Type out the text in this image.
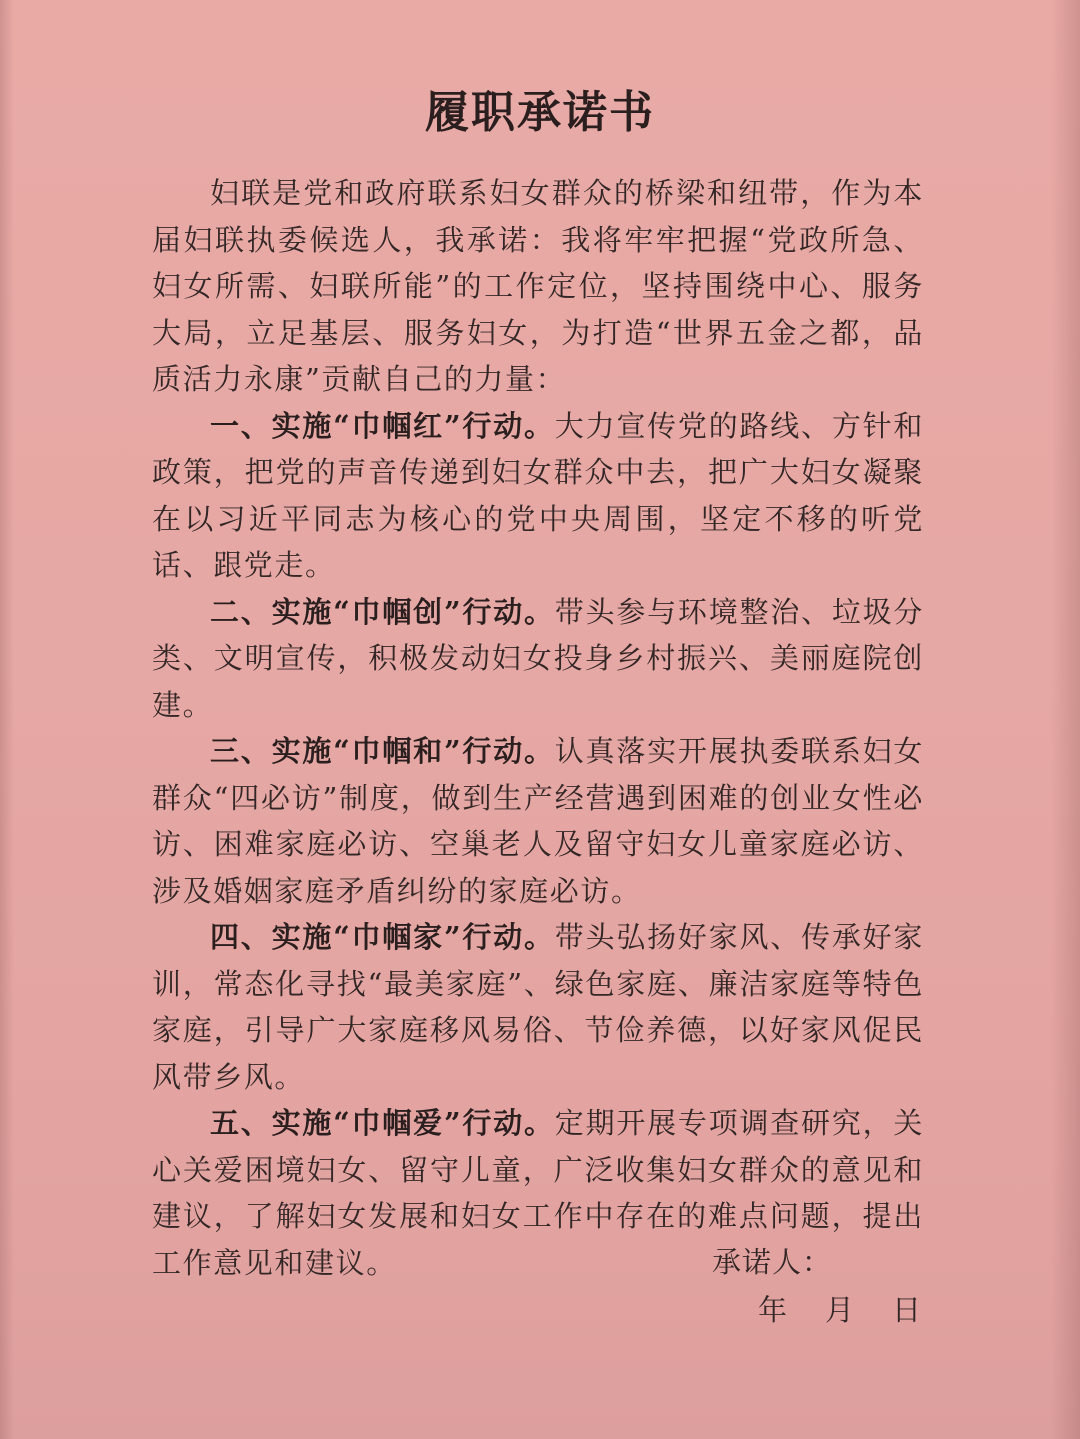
履职承诺书

妇联是党和政府联系妇女群众的桥梁和纽带，作为本届妇联执委候选人，我承诺：我将牢牢把握“党政所急、妇女所需、妇联所能”的工作定位，坚持围绕中心、服务大局，立足基层、服务妇女，为打造“世界五金之都，品质活力永康”贡献自己的力量：

一、实施“巾帼红”行动。大力宣传党的路线、方针和政策，把党的声音传递到妇女群众中去，把广大妇女凝聚在以习近平同志为核心的党中央周围，坚定不移的听党话、跟党走。

二、实施“巾帼创”行动。带头参与环境整治、垃圾分类、文明宣传，积极发动妇女投身乡村振兴、美丽庭院创建。

三、实施“巾帼和”行动。认真落实开展执委联系妇女群众“四必访”制度，做到生产经营遇到困难的创业女性必访、困难家庭必访、空巢老人及留守妇女儿童家庭必访、涉及婚姻家庭矛盾纠纷的家庭必访。

四、实施“巾帼家”行动。带头弘扬好家风、传承好家训，常态化寻找“最美家庭”、绿色家庭、廉洁家庭等特色家庭，引导广大家庭移风易俗、节俭养德，以好家风促民风带乡风。

五、实施“巾帼爱”行动。定期开展专项调查研究，关心关爱困境妇女、留守儿童，广泛收集妇女群众的意见和建议，了解妇女发展和妇女工作中存在的难点问题，提出工作意见和建议。	承诺人：
年 月 日
